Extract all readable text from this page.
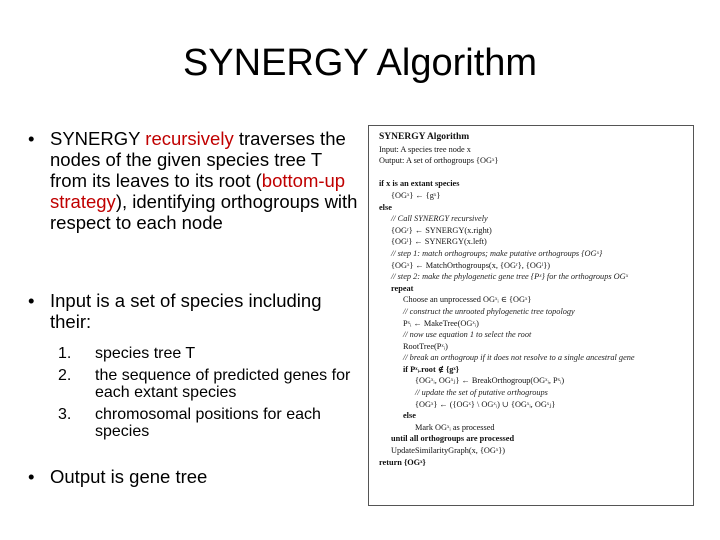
SYNERGY Algorithm
• SYNERGY recursively traverses the nodes of the given species tree T from its leaves to its root (bottom-up strategy), identifying orthogroups with respect to each node
• Input is a set of species including their:
1. species tree T
2. the sequence of predicted genes for each extant species
3. chromosomal positions for each species
• Output is gene tree
SYNERGY Algorithm
Input: A species tree node x
Output: A set of orthogroups {OGˣ}

if x is an extant species
{OGˣ} ← {gˣ}
else
// Call SYNERGY recursively
{OGʳ} ← SYNERGY(x.right)
{OGˡ} ← SYNERGY(x.left)
// step 1: match orthogroups; make putative orthogroups {OGˣ}
{OGˣ} ← MatchOrthogroups(x, {OGʳ}, {OGˡ})
// step 2: make the phylogenetic gene tree {Pˣ} for the orthogroups OGˣ
repeat
Choose an unprocessed OGˣᵢ ∈ {OGˣ}
// construct the unrooted phylogenetic tree topology
Pˣᵢ ← MakeTree(OGˣᵢ)
// now use equation 1 to select the root
RootTree(Pˣᵢ)
// break an orthogroup if it does not resolve to a single ancestral gene
if Pˣᵢ.root ∉ {gˣ}
{OGˣᵢ, OGˣⱼ} ← BreakOrthogroup(OGˣᵢ, Pˣᵢ)
// update the set of putative orthogroups
{OGˣ} ← ({OGˣ} \ OGˣᵢ) ∪ {OGˣᵢ, OGˣⱼ}
else
Mark OGˣᵢ as processed
until all orthogroups are processed
UpdateSimilarityGraph(x, {OGˣ})
return {OGˣ}
